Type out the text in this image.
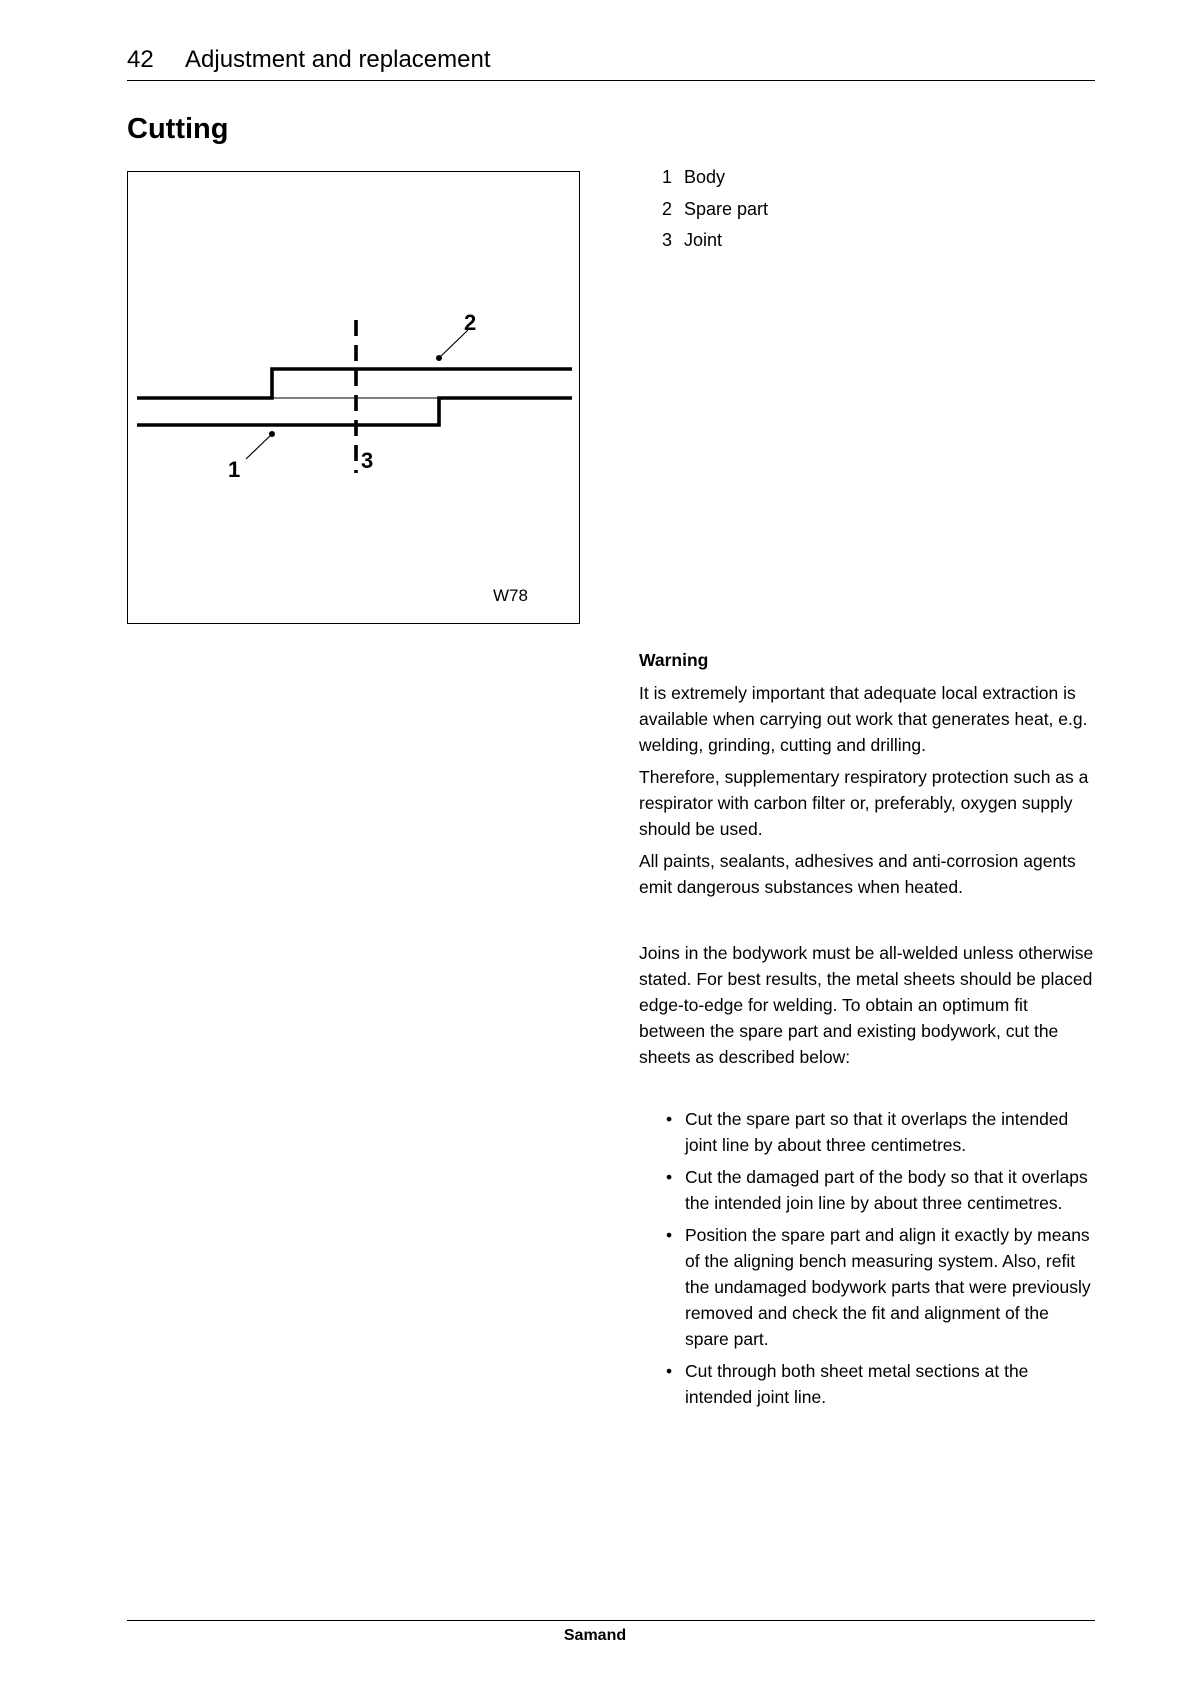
42 Adjustment and replacement
Cutting
2
1	3
W78
1 Body
2 Spare part
3 Joint
Warning

It is extremely important that adequate local extraction is available when carrying out work that generates heat, e.g. welding, grinding, cutting and drilling.

Therefore, supplementary respiratory protection such as a respirator with carbon filter or, preferably, oxygen supply should be used.

All paints, sealants, adhesives and anti-corrosion agents emit dangerous substances when heated.

Joins in the bodywork must be all-welded unless otherwise stated. For best results, the metal sheets should be placed edge-to-edge for welding. To obtain an optimum fit between the spare part and existing bodywork, cut the sheets as described below:

• Cut the spare part so that it overlaps the intended joint line by about three centimetres.
• Cut the damaged part of the body so that it overlaps the intended join line by about three centimetres.
• Position the spare part and align it exactly by means of the aligning bench measuring system. Also, refit the undamaged bodywork parts that were previously removed and check the fit and alignment of the spare part.
• Cut through both sheet metal sections at the intended joint line.
Samand
